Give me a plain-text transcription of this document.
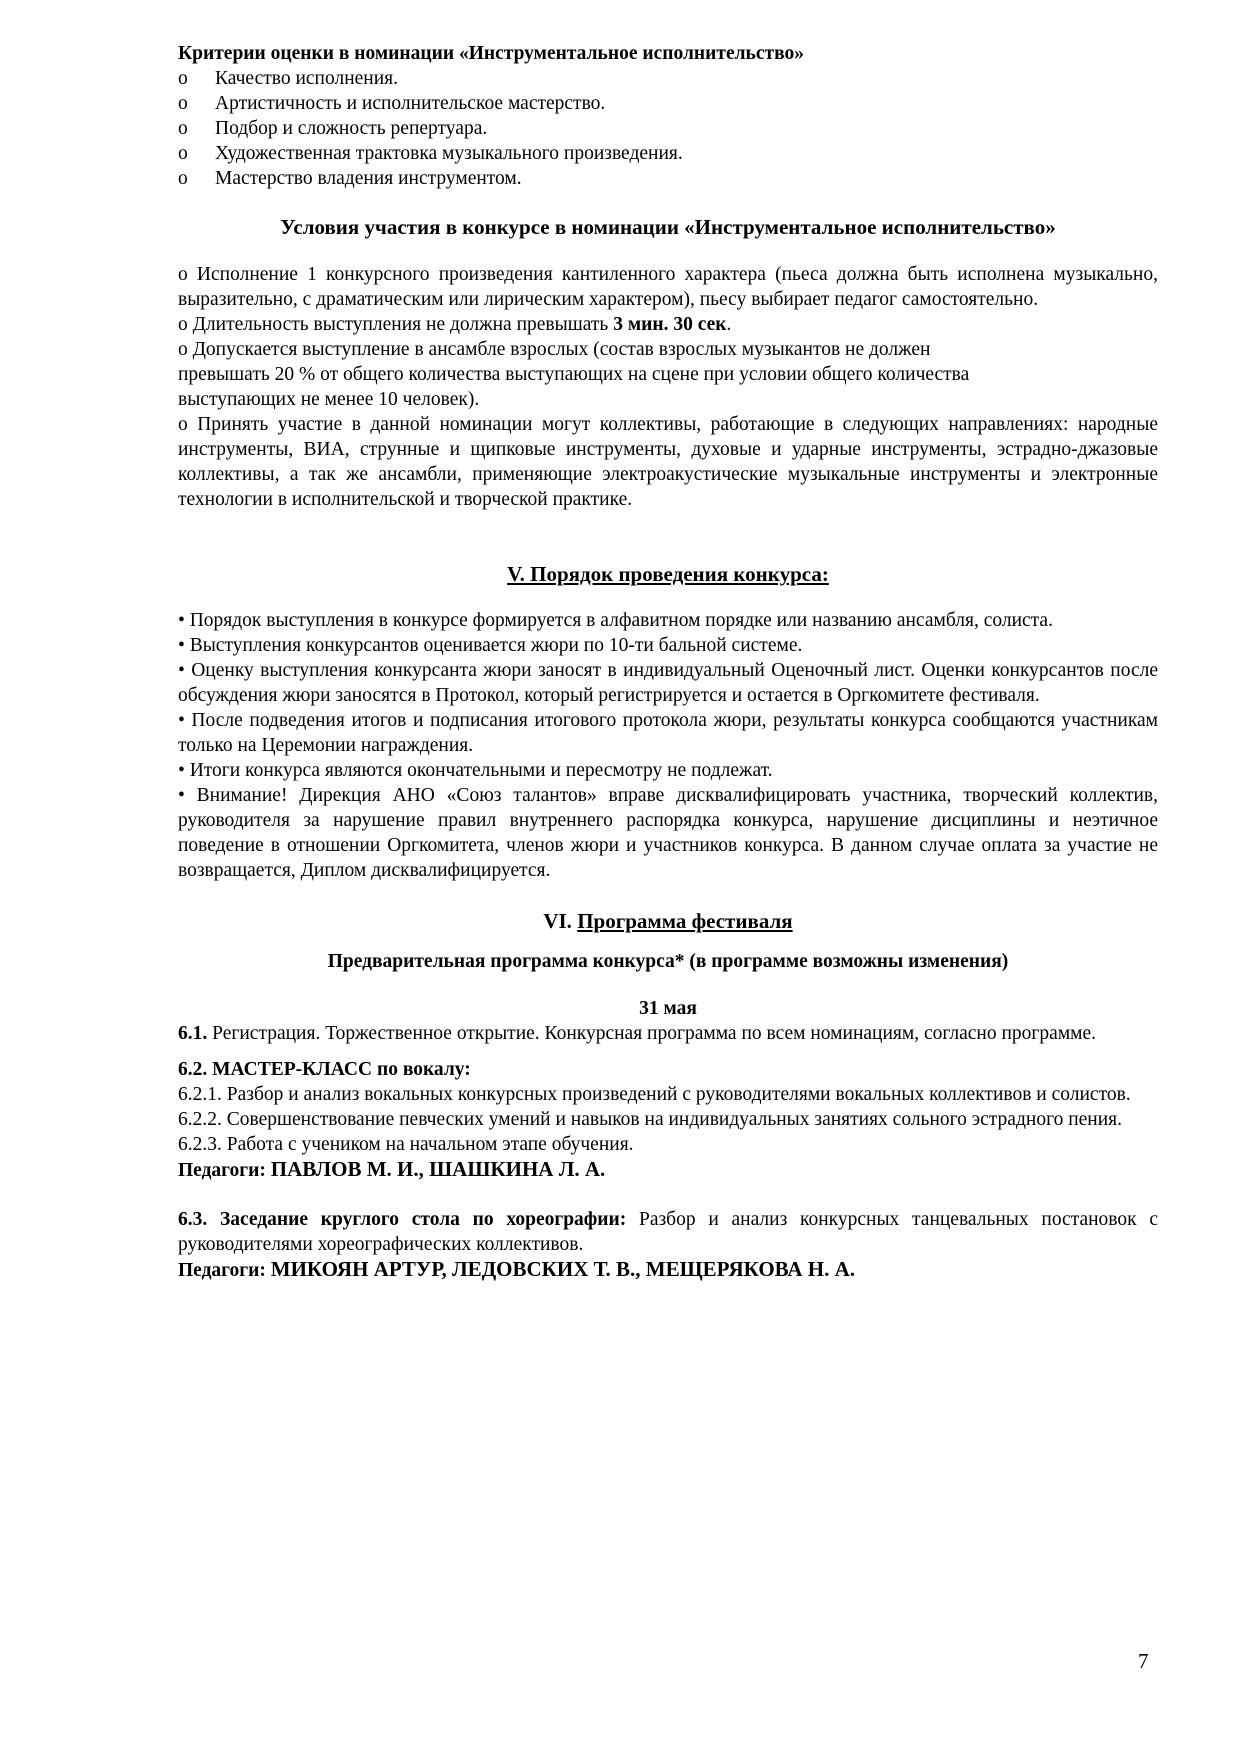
Критерии оценки в номинации «Инструментальное исполнительство»

o	Качество исполнения.
o	Артистичность и исполнительское мастерство.
o	Подбор и сложность репертуара.
o	Художественная трактовка музыкального произведения.
o	Мастерство владения инструментом.

Условия участия в конкурсе в номинации «Инструментальное исполнительство»

o Исполнение 1 конкурсного произведения кантиленного характера (пьеса должна быть исполнена музыкально, выразительно, с драматическим или лирическим характером), пьесу выбирает педагог самостоятельно.

o Длительность выступления не должна превышать 3 мин. 30 сек.

o Допускается выступление в ансамбле взрослых (состав взрослых музыкантов не должен
превышать 20 % от общего количества выступающих на сцене при условии общего количества
выступающих не менее 10 человек).

o Принять участие в данной номинации могут коллективы, работающие в следующих направлениях: народные инструменты, ВИА, струнные и щипковые инструменты, духовые и ударные инструменты, эстрадно-джазовые коллективы, а так же ансамбли, применяющие электроакустические музыкальные инструменты и электронные технологии в исполнительской и творческой практике.

V. Порядок проведения конкурса:

• Порядок выступления в конкурсе формируется в алфавитном порядке или названию ансамбля, солиста.

• Выступления конкурсантов оценивается жюри по 10-ти бальной системе.

• Оценку выступления конкурсанта жюри заносят в индивидуальный Оценочный лист. Оценки конкурсантов после обсуждения жюри заносятся в Протокол, который регистрируется и остается в Оргкомитете фестиваля.

• После подведения итогов и подписания итогового протокола жюри, результаты конкурса сообщаются участникам только на Церемонии награждения.

• Итоги конкурса являются окончательными и пересмотру не подлежат.

• Внимание! Дирекция АНО «Союз талантов» вправе дисквалифицировать участника, творческий коллектив, руководителя за нарушение правил внутреннего распорядка конкурса, нарушение дисциплины и неэтичное поведение в отношении Оргкомитета, членов жюри и участников конкурса. В данном случае оплата за участие не возвращается, Диплом дисквалифицируется.

VI. Программа фестиваля

Предварительная программа конкурса* (в программе возможны изменения)

31 мая

6.1. Регистрация. Торжественное открытие. Конкурсная программа по всем номинациям, согласно программе.

6.2. МАСТЕР-КЛАСС по вокалу:

6.2.1. Разбор и анализ вокальных конкурсных произведений с руководителями вокальных коллективов и солистов.

6.2.2. Совершенствование певческих умений и навыков на индивидуальных занятиях сольного эстрадного пения.

6.2.3. Работа с учеником на начальном этапе обучения.

Педагоги: ПАВЛОВ М. И., ШАШКИНА Л. А.

6.3. Заседание круглого стола по хореографии: Разбор и анализ конкурсных танцевальных постановок с руководителями хореографических коллективов.

Педагоги: МИКОЯН АРТУР, ЛЕДОВСКИХ Т. В., МЕЩЕРЯКОВА Н. А.

7
